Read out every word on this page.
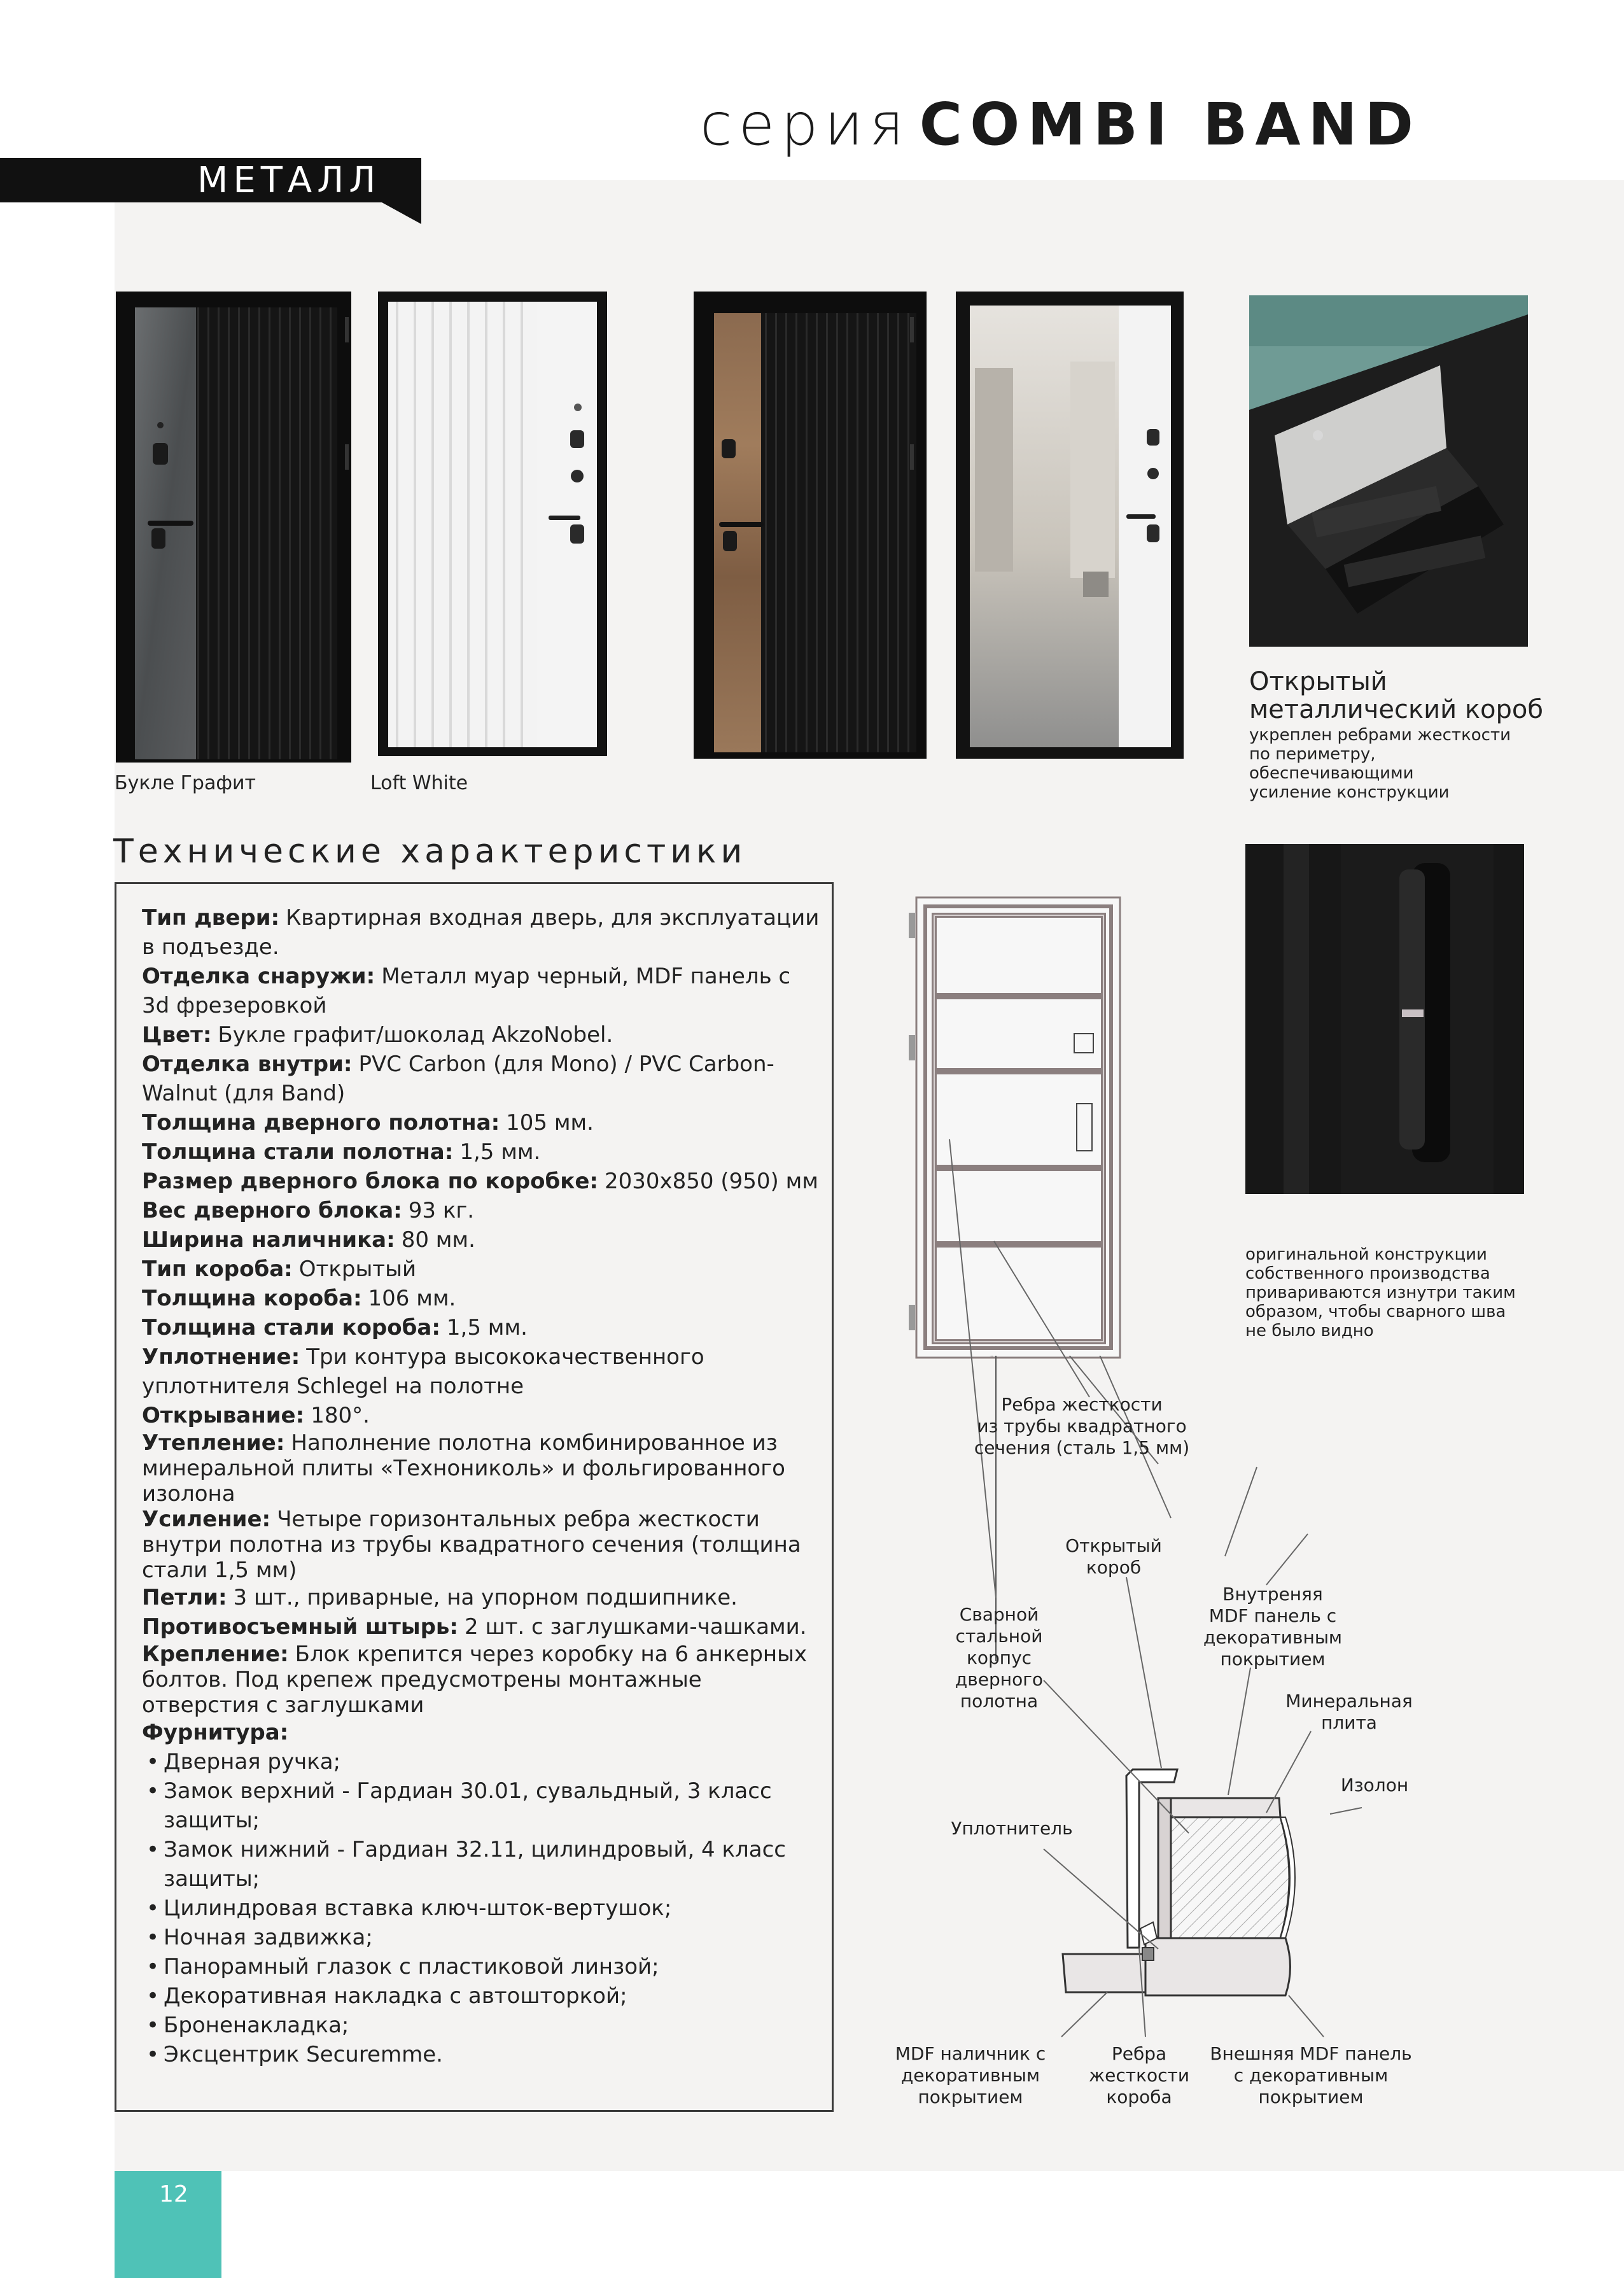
серия COMBI BAND
МЕТАЛЛ
Букле Графит	Loft White
Открытый
металлический короб
укреплен ребрами жесткости
по периметру,
обеспечивающими
усиление конструкции
оригинальной конструкции
собственного производства
привариваются изнутри таким
образом, чтобы сварного шва
не было видно
Технические характеристики

Тип двери: Квартирная входная дверь, для эксплуатации в подъезде.

Отделка снаружи: Металл муар черный, MDF панель с 3d фрезеровкой

Цвет: Букле графит/шоколад AkzoNobel.

Отделка внутри: PVC Carbon (для Mono) / PVC Carbon-Walnut (для Band)

Толщина дверного полотна: 105 мм.

Толщина стали полотна: 1,5 мм.

Размер дверного блока по коробке: 2030x850 (950) мм

Вес дверного блока: 93 кг.

Ширина наличника: 80 мм.

Тип короба: Открытый

Толщина короба: 106 мм.

Толщина стали короба: 1,5 мм.

Уплотнение: Три контура высококачественного уплотнителя Schlegel на полотне

Открывание: 180°.

Утепление: Наполнение полотна комбинированное из минеральной плиты «Технониколь» и фольгированного изолона

Усиление: Четыре горизонтальных ребра жесткости внутри полотна из трубы квадратного сечения (толщина стали 1,5 мм)

Петли: 3 шт., приварные, на упорном подшипнике.

Противосъемный штырь: 2 шт. с заглушками-чашками.

Крепление: Блок крепится через коробку на 6 анкерных болтов. Под крепеж предусмотрены монтажные отверстия с заглушками

Фурнитура:

• Дверная ручка;
• Замок верхний - Гардиан 30.01, сувальдный, 3 класс защиты;
• Замок нижний - Гардиан 32.11, цилиндровый, 4 класс защиты;
• Цилиндровая вставка ключ-шток-вертушок;
• Ночная задвижка;
• Панорамный глазок с пластиковой линзой;
• Декоративная накладка с автошторкой;
• Броненакладка;
• Эксцентрик Securemme.
Ребра жесткости
из трубы квадратного
сечения (сталь 1,5 мм)
Открытый
короб
Внутреняя
MDF панель с
декоративным
покрытием
Сварной
стальной
корпус
дверного
полотна	Минеральная
плита
Изолон
Уплотнитель
MDF наличник с
декоративным
покрытием
Ребра
жесткости
короба
Внешняя MDF панель
с декоративным
покрытием
12
